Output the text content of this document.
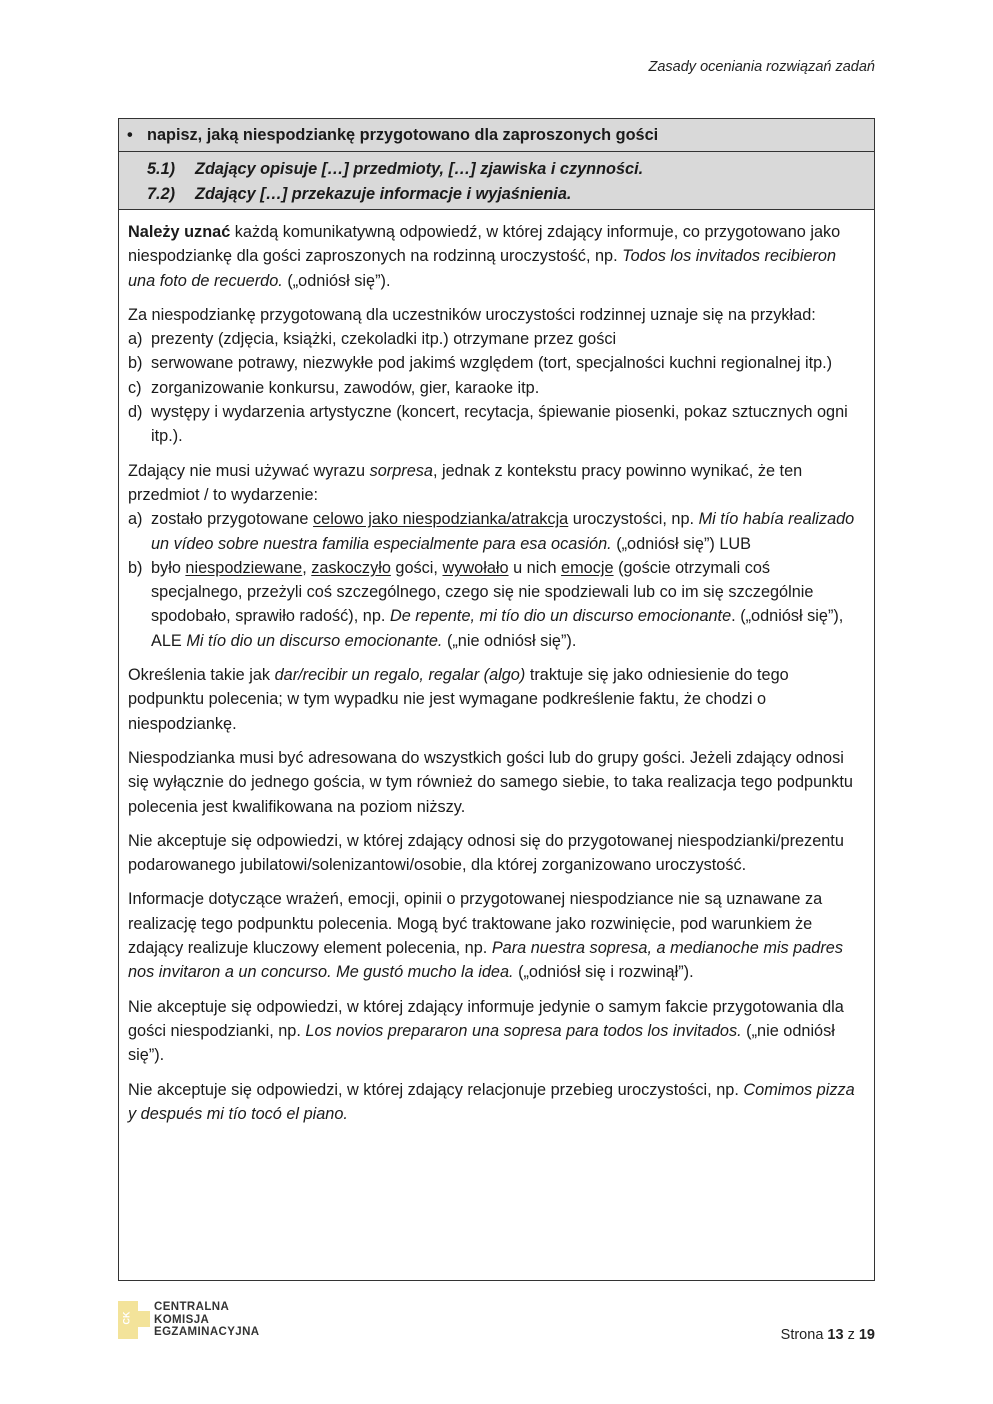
Zasady oceniania rozwiązań zadań
• napisz, jaką niespodziankę przygotowano dla zaproszonych gości
5.1) Zdający opisuje […] przedmioty, […] zjawiska i czynności.
7.2) Zdający […] przekazuje informacje i wyjaśnienia.

Należy uznać każdą komunikatywną odpowiedź, w której zdający informuje, co przygotowano jako niespodziankę dla gości zaproszonych na rodzinną uroczystość, np. Todos los invitados recibieron una foto de recuerdo. („odniósł się”).

Za niespodziankę przygotowaną dla uczestników uroczystości rodzinnej uznaje się na przykład:
a) prezenty (zdjęcia, książki, czekoladki itp.) otrzymane przez gości
b) serwowane potrawy, niezwykłe pod jakimś względem (tort, specjalności kuchni regionalnej itp.)
c) zorganizowanie konkursu, zawodów, gier, karaoke itp.
d) występy i wydarzenia artystyczne (koncert, recytacja, śpiewanie piosenki, pokaz sztucznych ogni itp.).
Zdający nie musi używać wyrazu sorpresa, jednak z kontekstu pracy powinno wynikać, że ten przedmiot / to wydarzenie:
a) zostało przygotowane celowo jako niespodzianka/atrakcja uroczystości, np. Mi tío había realizado un vídeo sobre nuestra familia especialmente para esa ocasión. („odniósł się”) LUB
b) było niespodziewane, zaskoczyło gości, wywołało u nich emocje (goście otrzymali coś specjalnego, przeżyli coś szczególnego, czego się nie spodziewali lub co im się szczególnie spodobało, sprawiło radość), np. De repente, mi tío dio un discurso emocionante. („odniósł się”), ALE Mi tío dio un discurso emocionante. („nie odniósł się”).

Określenia takie jak dar/recibir un regalo, regalar (algo) traktuje się jako odniesienie do tego podpunktu polecenia; w tym wypadku nie jest wymagane podkreślenie faktu, że chodzi o niespodziankę.

Niespodzianka musi być adresowana do wszystkich gości lub do grupy gości. Jeżeli zdający odnosi się wyłącznie do jednego gościa, w tym również do samego siebie, to taka realizacja tego podpunktu polecenia jest kwalifikowana na poziom niższy.

Nie akceptuje się odpowiedzi, w której zdający odnosi się do przygotowanej niespodzianki/prezentu podarowanego jubilatowi/solenizantowi/osobie, dla której zorganizowano uroczystość.

Informacje dotyczące wrażeń, emocji, opinii o przygotowanej niespodziance nie są uznawane za realizację tego podpunktu polecenia. Mogą być traktowane jako rozwinięcie, pod warunkiem że zdający realizuje kluczowy element polecenia, np. Para nuestra sopresa, a medianoche mis padres nos invitaron a un concurso. Me gustó mucho la idea. („odniósł się i rozwinął”).

Nie akceptuje się odpowiedzi, w której zdający informuje jedynie o samym fakcie przygotowania dla gości niespodzianki, np. Los novios prepararon una sopresa para todos los invitados. („nie odniósł się”).

Nie akceptuje się odpowiedzi, w której zdający relacjonuje przebieg uroczystości, np. Comimos pizza y después mi tío tocó el piano.

CK
CENTRALNA
KOMISJA
EGZAMINACYJNA	Strona 13 z 19
